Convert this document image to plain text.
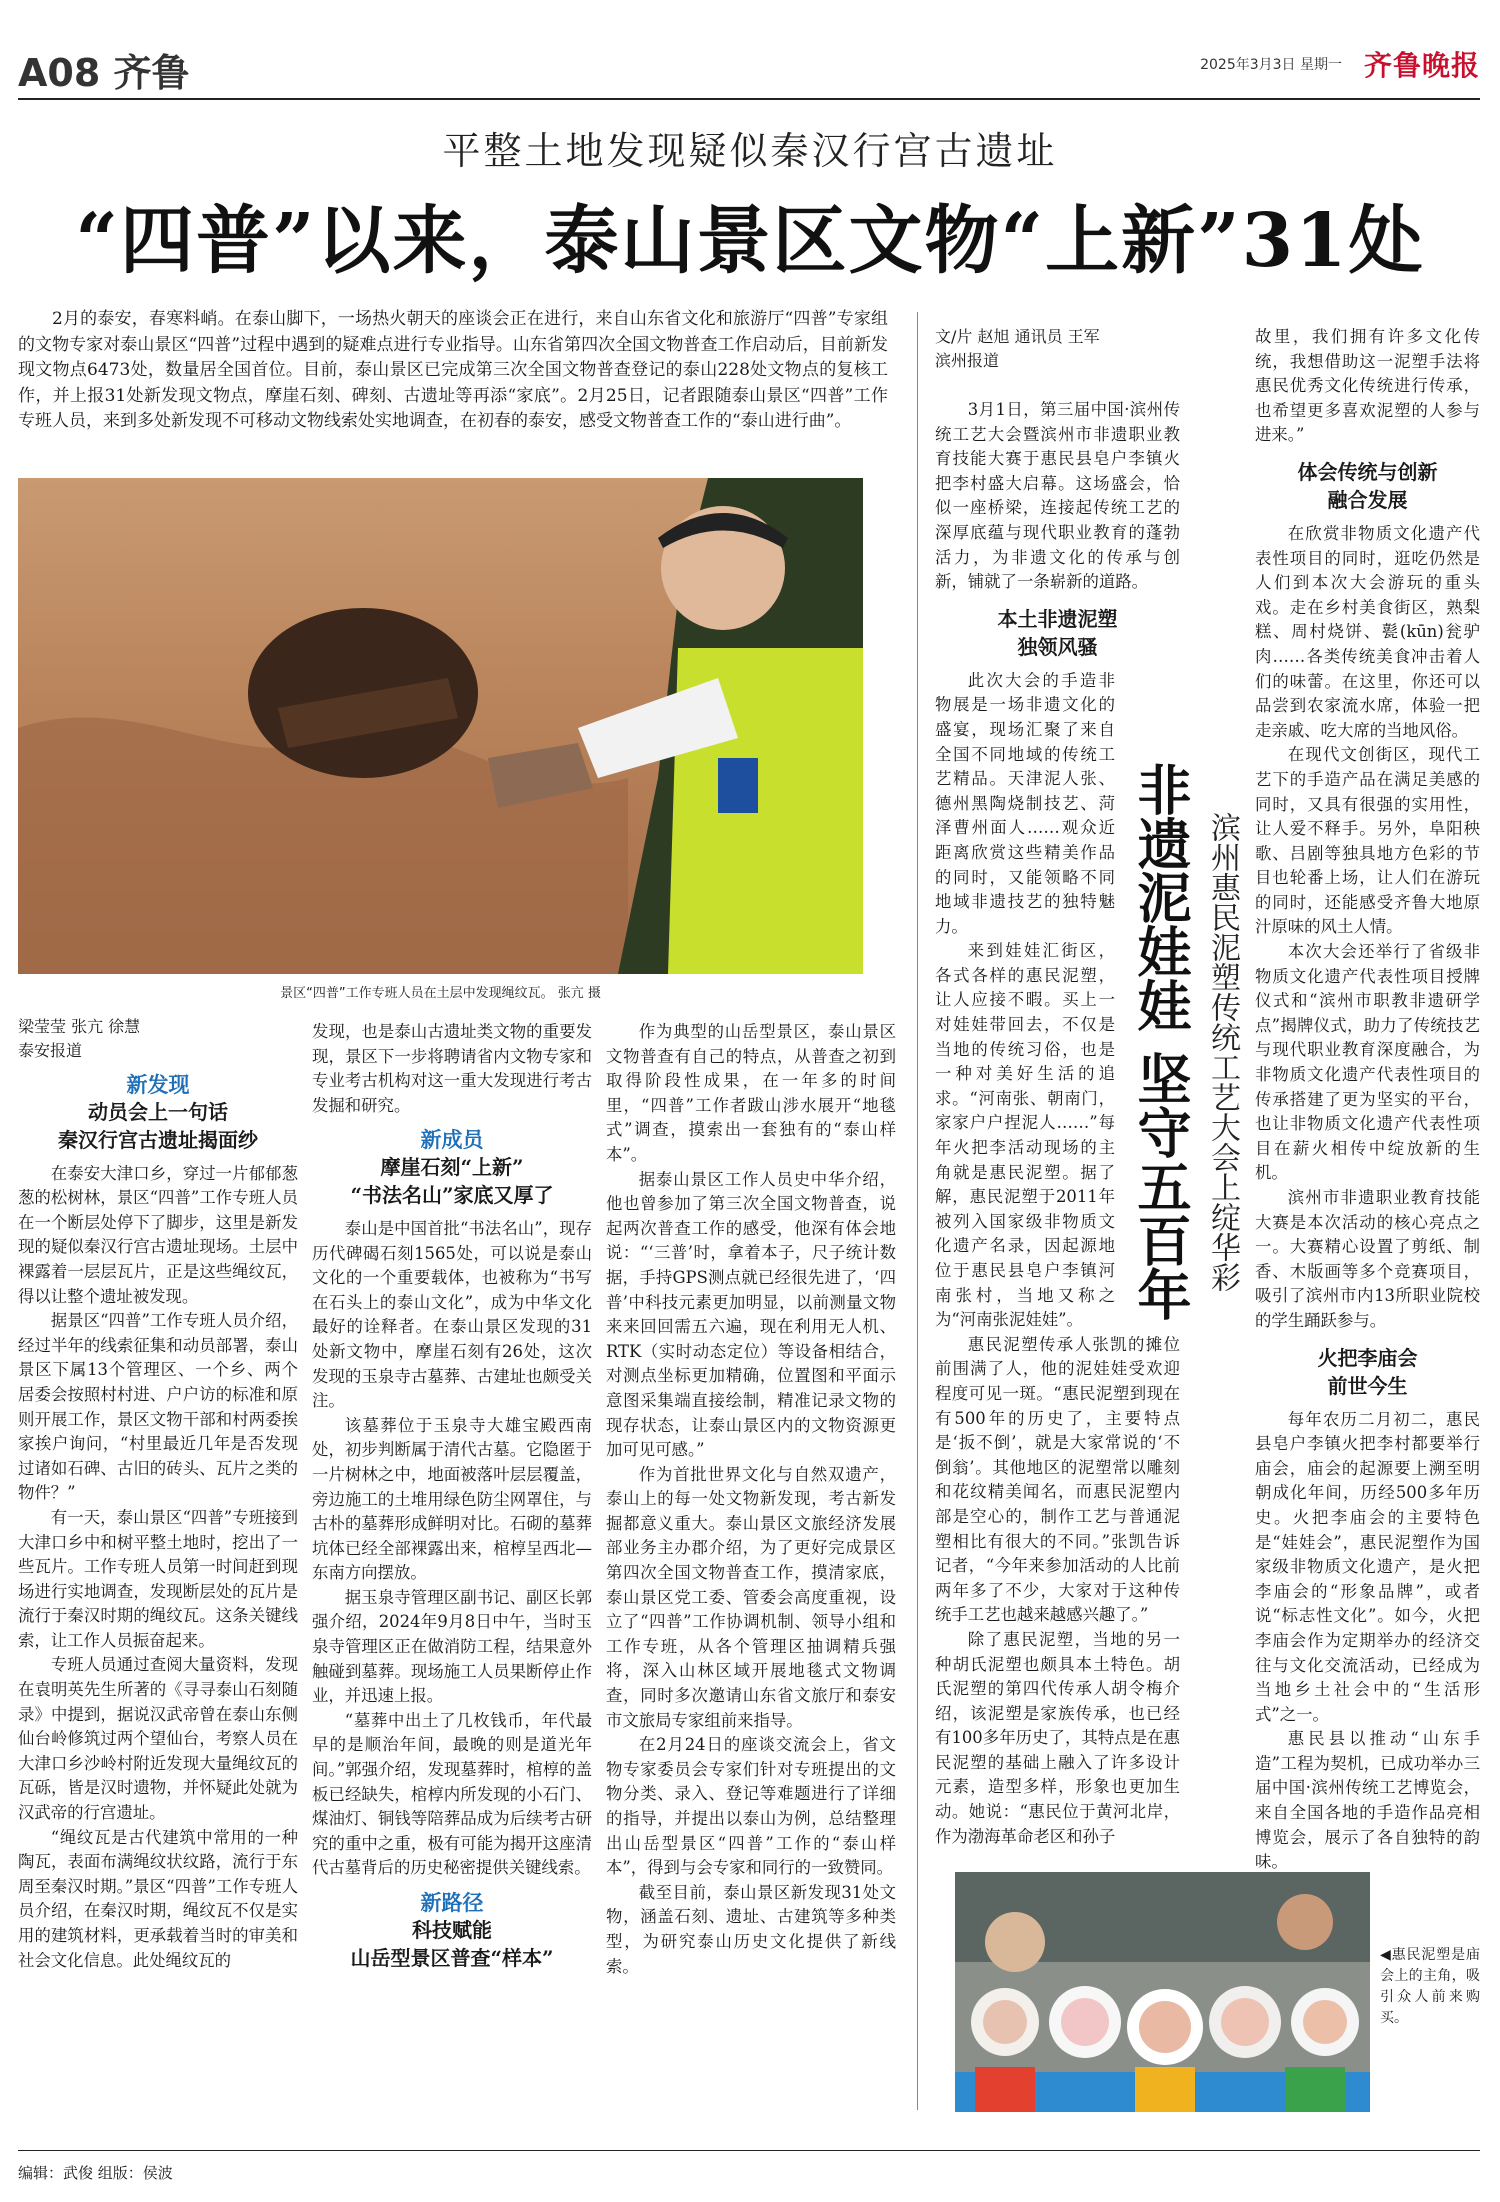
A08 齐鲁	2025年3月3日 星期一 齐鲁晚报
平整土地发现疑似秦汉行宫古遗址
“四普”以来，泰山景区文物“上新”31处
2月的泰安，春寒料峭。在泰山脚下，一场热火朝天的座谈会正在进行，来自山东省文化和旅游厅“四普”专家组的文物专家对泰山景区“四普”过程中遇到的疑难点进行专业指导。山东省第四次全国文物普查工作启动后，目前新发现文物点6473处，数量居全国首位。目前，泰山景区已完成第三次全国文物普查登记的泰山228处文物点的复核工作，并上报31处新发现文物点，摩崖石刻、碑刻、古遗址等再添“家底”。2月25日，记者跟随泰山景区“四普”工作专班人员，来到多处新发现不可移动文物线索处实地调查，在初春的泰安，感受文物普查工作的“泰山进行曲”。
景区“四普”工作专班人员在土层中发现绳纹瓦。 张亢 摄
梁莹莹 张亢 徐慧
泰安报道
新发现
动员会上一句话
秦汉行宫古遗址揭面纱

在泰安大津口乡，穿过一片郁郁葱葱的松树林，景区“四普”工作专班人员在一个断层处停下了脚步，这里是新发现的疑似秦汉行宫古遗址现场。土层中裸露着一层层瓦片，正是这些绳纹瓦，得以让整个遗址被发现。

据景区“四普”工作专班人员介绍，经过半年的线索征集和动员部署，泰山景区下属13个管理区、一个乡、两个居委会按照村村进、户户访的标准和原则开展工作，景区文物干部和村两委挨家挨户询问，“村里最近几年是否发现过诸如石碑、古旧的砖头、瓦片之类的物件？”

有一天，泰山景区“四普”专班接到大津口乡中和树平整土地时，挖出了一些瓦片。工作专班人员第一时间赶到现场进行实地调查，发现断层处的瓦片是流行于秦汉时期的绳纹瓦。这条关键线索，让工作人员振奋起来。

专班人员通过查阅大量资料，发现在袁明英先生所著的《寻寻泰山石刻随录》中提到，据说汉武帝曾在泰山东侧仙台岭修筑过两个望仙台，考察人员在大津口乡沙岭村附近发现大量绳纹瓦的瓦砾，皆是汉时遗物，并怀疑此处就为汉武帝的行宫遗址。

“绳纹瓦是古代建筑中常用的一种陶瓦，表面布满绳纹状纹路，流行于东周至秦汉时期。”景区“四普”工作专班人员介绍，在秦汉时期，绳纹瓦不仅是实用的建筑材料，更承载着当时的审美和社会文化信息。此处绳纹瓦的

发现，也是泰山古遗址类文物的重要发现，景区下一步将聘请省内文物专家和专业考古机构对这一重大发现进行考古发掘和研究。

新成员
摩崖石刻“上新”
“书法名山”家底又厚了

泰山是中国首批“书法名山”，现存历代碑碣石刻1565处，可以说是泰山文化的一个重要载体，也被称为“书写在石头上的泰山文化”，成为中华文化最好的诠释者。在泰山景区发现的31处新文物中，摩崖石刻有26处，这次发现的玉泉寺古墓葬、古建址也颇受关注。

该墓葬位于玉泉寺大雄宝殿西南处，初步判断属于清代古墓。它隐匿于一片树林之中，地面被落叶层层覆盖，旁边施工的土堆用绿色防尘网罩住，与古朴的墓葬形成鲜明对比。石砌的墓葬坑体已经全部裸露出来，棺椁呈西北—东南方向摆放。

据玉泉寺管理区副书记、副区长郭强介绍，2024年9月8日中午，当时玉泉寺管理区正在做消防工程，结果意外触碰到墓葬。现场施工人员果断停止作业，并迅速上报。

“墓葬中出土了几枚钱币，年代最早的是顺治年间，最晚的则是道光年间。”郭强介绍，发现墓葬时，棺椁的盖板已经缺失，棺椁内所发现的小石门、煤油灯、铜钱等陪葬品成为后续考古研究的重中之重，极有可能为揭开这座清代古墓背后的历史秘密提供关键线索。

新路径
科技赋能
山岳型景区普查“样本”

作为典型的山岳型景区，泰山景区文物普查有自己的特点，从普查之初到取得阶段性成果，在一年多的时间里，“四普”工作者跋山涉水展开“地毯式”调查，摸索出一套独有的“泰山样本”。

据泰山景区工作人员史中华介绍，他也曾参加了第三次全国文物普查，说起两次普查工作的感受，他深有体会地说：“‘三普’时，拿着本子，尺子统计数据，手持GPS测点就已经很先进了，‘四普’中科技元素更加明显，以前测量文物来来回回需五六遍，现在利用无人机、RTK（实时动态定位）等设备相结合，对测点坐标更加精确，位置图和平面示意图采集端直接绘制，精准记录文物的现存状态，让泰山景区内的文物资源更加可见可感。”

作为首批世界文化与自然双遗产，泰山上的每一处文物新发现，考古新发掘都意义重大。泰山景区文旅经济发展部业务主办郡介绍，为了更好完成景区第四次全国文物普查工作，摸清家底，泰山景区党工委、管委会高度重视，设立了“四普”工作协调机制、领导小组和工作专班，从各个管理区抽调精兵强将，深入山林区域开展地毯式文物调查，同时多次邀请山东省文旅厅和泰安市文旅局专家组前来指导。

在2月24日的座谈交流会上，省文物专家委员会专家们针对专班提出的文物分类、录入、登记等难题进行了详细的指导，并提出以泰山为例，总结整理出山岳型景区“四普”工作的“泰山样本”，得到与会专家和同行的一致赞同。

截至目前，泰山景区新发现31处文物，涵盖石刻、遗址、古建筑等多种类型，为研究泰山历史文化提供了新线索。

文/片 赵旭 通讯员 王军
滨州报道

3月1日，第三届中国·滨州传统工艺大会暨滨州市非遗职业教育技能大赛于惠民县皂户李镇火把李村盛大启幕。这场盛会，恰似一座桥梁，连接起传统工艺的深厚底蕴与现代职业教育的蓬勃活力，为非遗文化的传承与创新，铺就了一条崭新的道路。

本土非遗泥塑
独领风骚

此次大会的手造非物展是一场非遗文化的盛宴，现场汇聚了来自全国不同地域的传统工艺精品。天津泥人张、德州黑陶烧制技艺、菏泽曹州面人……观众近距离欣赏这些精美作品的同时，又能领略不同地域非遗技艺的独特魅力。

来到娃娃汇街区，各式各样的惠民泥塑，让人应接不暇。买上一对娃娃带回去，不仅是当地的传统习俗，也是一种对美好生活的追求。“河南张、朝南门，家家户户捏泥人……”每年火把李活动现场的主角就是惠民泥塑。据了解，惠民泥塑于2011年被列入国家级非物质文化遗产名录，因起源地位于惠民县皂户李镇河南张村，当地又称之为“河南张泥娃娃”。

惠民泥塑传承人张凯的摊位前围满了人，他的泥娃娃受欢迎程度可见一斑。“惠民泥塑到现在有500年的历史了，主要特点是‘扳不倒’，就是大家常说的‘不倒翁’。其他地区的泥塑常以雕刻和花纹精美闻名，而惠民泥塑内部是空心的，制作工艺与普通泥塑相比有很大的不同。”张凯告诉记者，“今年来参加活动的人比前两年多了不少，大家对于这种传统手工艺也越来越感兴趣了。”

除了惠民泥塑，当地的另一种胡氏泥塑也颇具本土特色。胡氏泥塑的第四代传承人胡令梅介绍，该泥塑是家族传承，也已经有100多年历史了，其特点是在惠民泥塑的基础上融入了许多设计元素，造型多样，形象也更加生动。她说：“惠民位于黄河北岸，作为渤海革命老区和孙子

非遗泥娃娃 坚守五百年 滨州惠民泥塑传统工艺大会上绽华彩

故里，我们拥有许多文化传统，我想借助这一泥塑手法将惠民优秀文化传统进行传承，也希望更多喜欢泥塑的人参与进来。”

体会传统与创新
融合发展

在欣赏非物质文化遗产代表性项目的同时，逛吃仍然是人们到本次大会游玩的重头戏。走在乡村美食街区，熟梨糕、周村烧饼、甏(kūn)瓮驴肉……各类传统美食冲击着人们的味蕾。在这里，你还可以品尝到农家流水席，体验一把走亲戚、吃大席的当地风俗。

在现代文创街区，现代工艺下的手造产品在满足美感的同时，又具有很强的实用性，让人爱不释手。另外，阜阳秧歌、吕剧等独具地方色彩的节目也轮番上场，让人们在游玩的同时，还能感受齐鲁大地原汁原味的风土人情。

本次大会还举行了省级非物质文化遗产代表性项目授牌仪式和“滨州市职教非遗研学点”揭牌仪式，助力了传统技艺与现代职业教育深度融合，为非物质文化遗产代表性项目的传承搭建了更为坚实的平台，也让非物质文化遗产代表性项目在薪火相传中绽放新的生机。

滨州市非遗职业教育技能大赛是本次活动的核心亮点之一。大赛精心设置了剪纸、制香、木版画等多个竞赛项目，吸引了滨州市内13所职业院校的学生踊跃参与。

火把李庙会
前世今生

每年农历二月初二，惠民县皂户李镇火把李村都要举行庙会，庙会的起源要上溯至明朝成化年间，历经500多年历史。火把李庙会的主要特色是“娃娃会”，惠民泥塑作为国家级非物质文化遗产，是火把李庙会的“形象品牌”，或者说“标志性文化”。如今，火把李庙会作为定期举办的经济交往与文化交流活动，已经成为当地乡土社会中的“生活形式”之一。

惠民县以推动“山东手造”工程为契机，已成功举办三届中国·滨州传统工艺博览会，来自全国各地的手造作品亮相博览会，展示了各自独特的韵味。

◀惠民泥塑是庙会上的主角，吸引众人前来购买。
编辑：武俊 组版：侯波
